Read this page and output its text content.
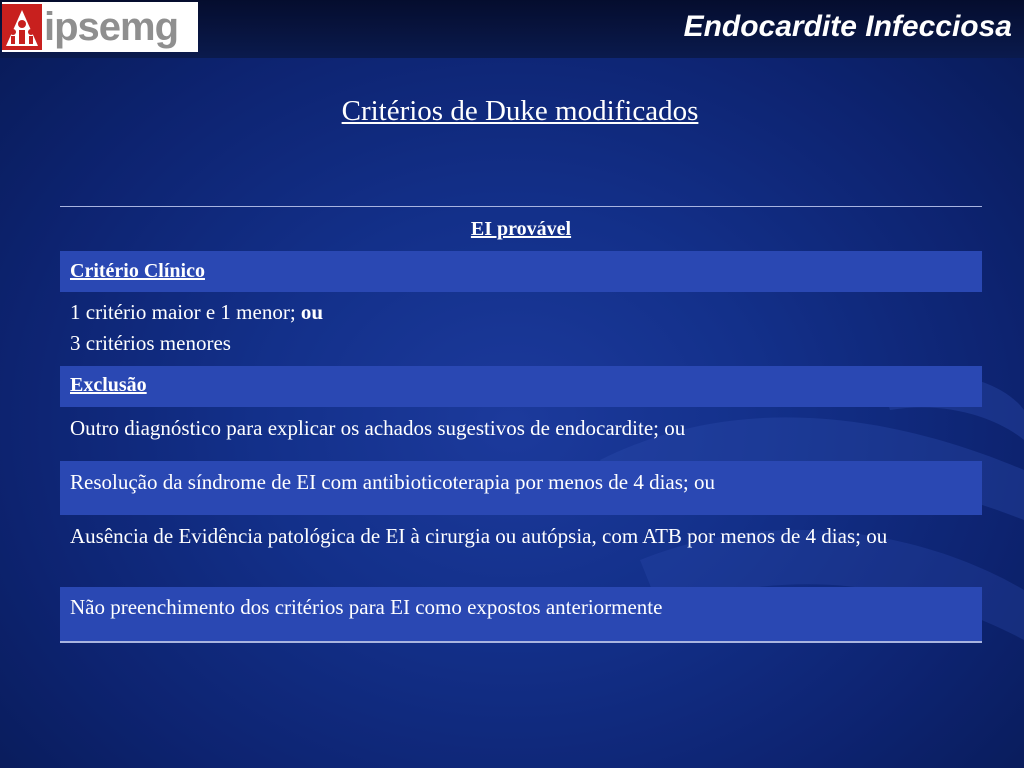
ipsemg	Endocardite Infecciosa
Critérios de Duke modificados
EI provável
Critério Clínico
1 critério maior e 1 menor; ou
3 critérios menores
Exclusão
Outro diagnóstico para explicar os achados sugestivos de endocardite; ou
Resolução da síndrome de EI com antibioticoterapia por menos de 4 dias; ou
Ausência de Evidência patológica de EI à cirurgia ou autópsia, com ATB por menos de 4 dias; ou
Não preenchimento dos critérios para EI como expostos anteriormente
